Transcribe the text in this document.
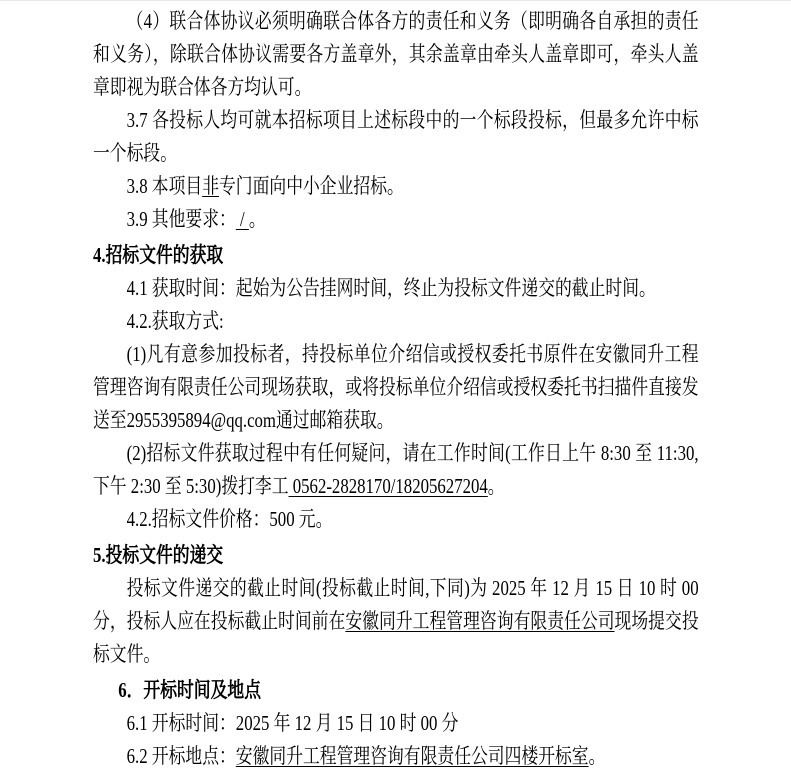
（4）联合体协议必须明确联合体各方的责任和义务（即明确各自承担的责任和义务），除联合体协议需要各方盖章外，其余盖章由牵头人盖章即可，牵头人盖章即视为联合体各方均认可。

3.7 各投标人均可就本招标项目上述标段中的一个标段投标，但最多允许中标一个标段。

3.8 本项目非专门面向中小企业招标。

3.9 其他要求： / 。

4.招标文件的获取

4.1 获取时间：起始为公告挂网时间，终止为投标文件递交的截止时间。

4.2.获取方式:

(1)凡有意参加投标者，持投标单位介绍信或授权委托书原件在安徽同升工程管理咨询有限责任公司现场获取，或将投标单位介绍信或授权委托书扫描件直接发送至2955395894@qq.com通过邮箱获取。

(2)招标文件获取过程中有任何疑问，请在工作时间(工作日上午 8:30 至 11:30,下午 2:30 至 5:30)拨打李工 0562-2828170/18205627204。

4.2.招标文件价格：500 元。

5.投标文件的递交

投标文件递交的截止时间(投标截止时间,下同)为 2025 年 12 月 15 日 10 时 00 分，投标人应在投标截止时间前在安徽同升工程管理咨询有限责任公司现场提交投标文件。

6．开标时间及地点

6.1 开标时间：2025 年 12 月 15 日 10 时 00 分

6.2 开标地点：安徽同升工程管理咨询有限责任公司四楼开标室。
